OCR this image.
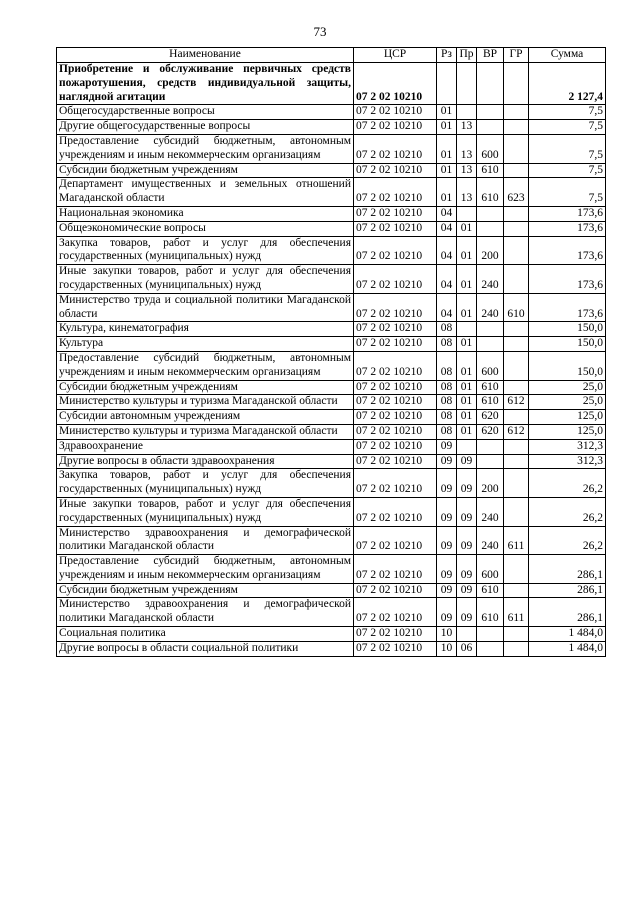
73
Наименование	ЦСР	Рз	Пр	ВР	ГР	Сумма
Приобретение и обслуживание первичных средств пожаротушения, средств индивидуальной защиты, наглядной агитации	07 2 02 10210					2 127,4
Общегосударственные вопросы	07 2 02 10210	01				7,5
Другие общегосударственные вопросы	07 2 02 10210	01	13			7,5
Предоставление субсидий бюджетным, автономным учреждениям и иным некоммерческим организациям	07 2 02 10210	01	13	600		7,5
Субсидии бюджетным учреждениям	07 2 02 10210	01	13	610		7,5
Департамент имущественных и земельных отношений Магаданской области	07 2 02 10210	01	13	610	623	7,5
Национальная экономика	07 2 02 10210	04				173,6
Общеэкономические вопросы	07 2 02 10210	04	01			173,6
Закупка товаров, работ и услуг для обеспечения государственных (муниципальных) нужд	07 2 02 10210	04	01	200		173,6
Иные закупки товаров, работ и услуг для обеспечения государственных (муниципальных) нужд	07 2 02 10210	04	01	240		173,6
Министерство труда и социальной политики Магаданской области	07 2 02 10210	04	01	240	610	173,6
Культура, кинематография	07 2 02 10210	08				150,0
Культура	07 2 02 10210	08	01			150,0
Предоставление субсидий бюджетным, автономным учреждениям и иным некоммерческим организациям	07 2 02 10210	08	01	600		150,0
Субсидии бюджетным учреждениям	07 2 02 10210	08	01	610		25,0
Министерство культуры и туризма Магаданской области	07 2 02 10210	08	01	610	612	25,0
Субсидии автономным учреждениям	07 2 02 10210	08	01	620		125,0
Министерство культуры и туризма Магаданской области	07 2 02 10210	08	01	620	612	125,0
Здравоохранение	07 2 02 10210	09				312,3
Другие вопросы в области здравоохранения	07 2 02 10210	09	09			312,3
Закупка товаров, работ и услуг для обеспечения государственных (муниципальных) нужд	07 2 02 10210	09	09	200		26,2
Иные закупки товаров, работ и услуг для обеспечения государственных (муниципальных) нужд	07 2 02 10210	09	09	240		26,2
Министерство здравоохранения и демографической политики Магаданской области	07 2 02 10210	09	09	240	611	26,2
Предоставление субсидий бюджетным, автономным учреждениям и иным некоммерческим организациям	07 2 02 10210	09	09	600		286,1
Субсидии бюджетным учреждениям	07 2 02 10210	09	09	610		286,1
Министерство здравоохранения и демографической политики Магаданской области	07 2 02 10210	09	09	610	611	286,1
Социальная политика	07 2 02 10210	10				1 484,0
Другие вопросы в области социальной политики	07 2 02 10210	10	06			1 484,0
